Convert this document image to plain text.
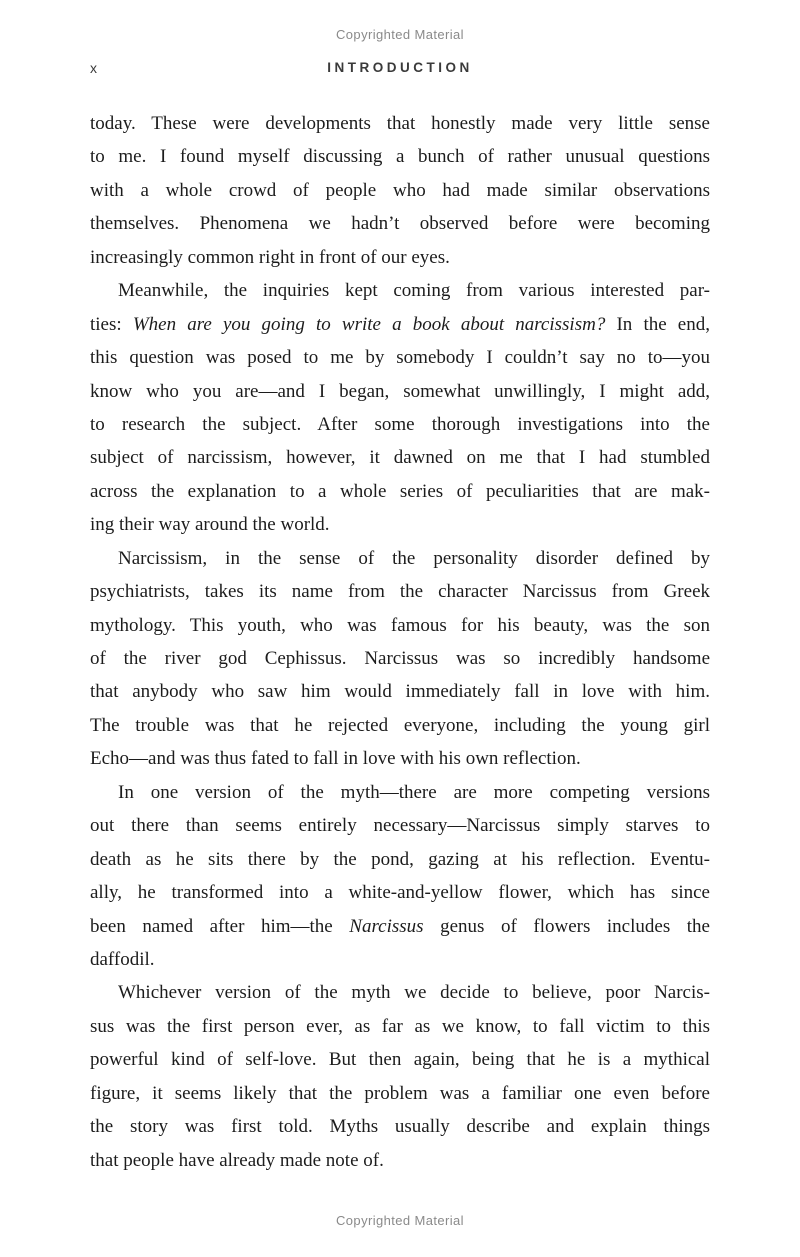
Copyrighted Material
x	INTRODUCTION
today. These were developments that honestly made very little sense
to me. I found myself discussing a bunch of rather unusual questions
with a whole crowd of people who had made similar observations
themselves. Phenomena we hadn’t observed before were becoming
increasingly common right in front of our eyes.
Meanwhile, the inquiries kept coming from various interested par-
ties: When are you going to write a book about narcissism? In the end,
this question was posed to me by somebody I couldn’t say no to—you
know who you are—and I began, somewhat unwillingly, I might add,
to research the subject. After some thorough investigations into the
subject of narcissism, however, it dawned on me that I had stumbled
across the explanation to a whole series of peculiarities that are mak-
ing their way around the world.
Narcissism, in the sense of the personality disorder defined by
psychiatrists, takes its name from the character Narcissus from Greek
mythology. This youth, who was famous for his beauty, was the son
of the river god Cephissus. Narcissus was so incredibly handsome
that anybody who saw him would immediately fall in love with him.
The trouble was that he rejected everyone, including the young girl
Echo—and was thus fated to fall in love with his own reflection.
In one version of the myth—there are more competing versions
out there than seems entirely necessary—Narcissus simply starves to
death as he sits there by the pond, gazing at his reflection. Eventu-
ally, he transformed into a white-and-yellow flower, which has since
been named after him—the Narcissus genus of flowers includes the
daffodil.
Whichever version of the myth we decide to believe, poor Narcis-
sus was the first person ever, as far as we know, to fall victim to this
powerful kind of self-love. But then again, being that he is a mythical
figure, it seems likely that the problem was a familiar one even before
the story was first told. Myths usually describe and explain things
that people have already made note of.
Copyrighted Material
